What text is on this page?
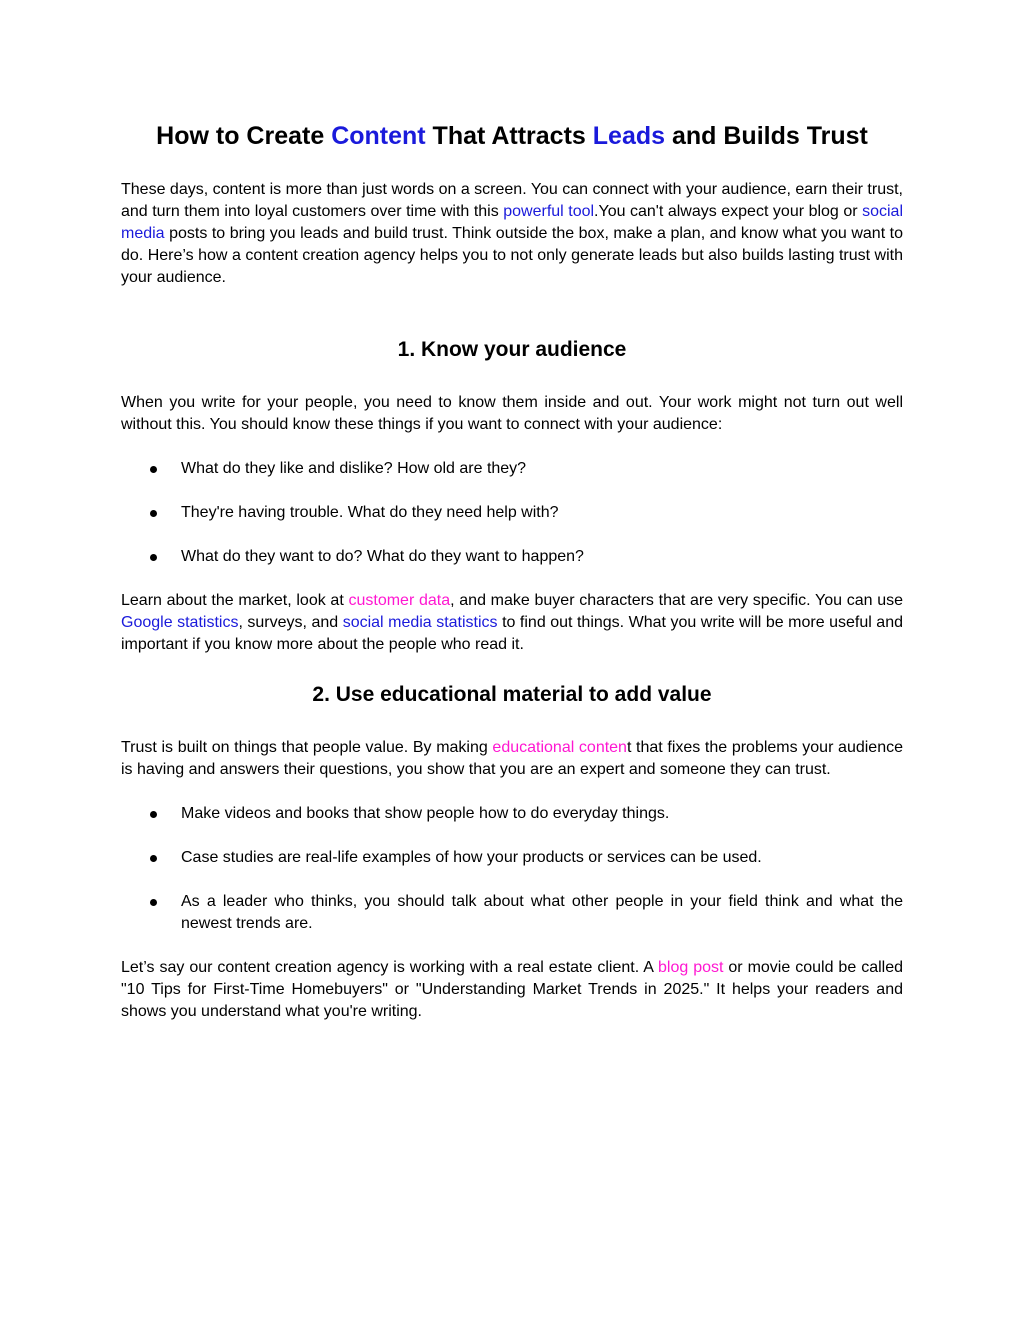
How to Create Content That Attracts Leads and Builds Trust

These days, content is more than just words on a screen. You can connect with your audience, earn their trust, and turn them into loyal customers over time with this powerful tool.You can't always expect your blog or social media posts to bring you leads and build trust. Think outside the box, make a plan, and know what you want to do. Here’s how a content creation agency helps you to not only generate leads but also builds lasting trust with your audience.

1. Know your audience

When you write for your people, you need to know them inside and out. Your work might not turn out well without this. You should know these things if you want to connect with your audience:

What do they like and dislike? How old are they?
They're having trouble. What do they need help with?
What do they want to do? What do they want to happen?

Learn about the market, look at customer data, and make buyer characters that are very specific. You can use Google statistics, surveys, and social media statistics to find out things. What you write will be more useful and important if you know more about the people who read it.

2. Use educational material to add value

Trust is built on things that people value. By making educational content that fixes the problems your audience is having and answers their questions, you show that you are an expert and someone they can trust.

Make videos and books that show people how to do everyday things.
Case studies are real-life examples of how your products or services can be used.
As a leader who thinks, you should talk about what other people in your field think and what the newest trends are.

Let’s say our content creation agency is working with a real estate client. A blog post or movie could be called "10 Tips for First-Time Homebuyers" or "Understanding Market Trends in 2025." It helps your readers and shows you understand what you're writing.
